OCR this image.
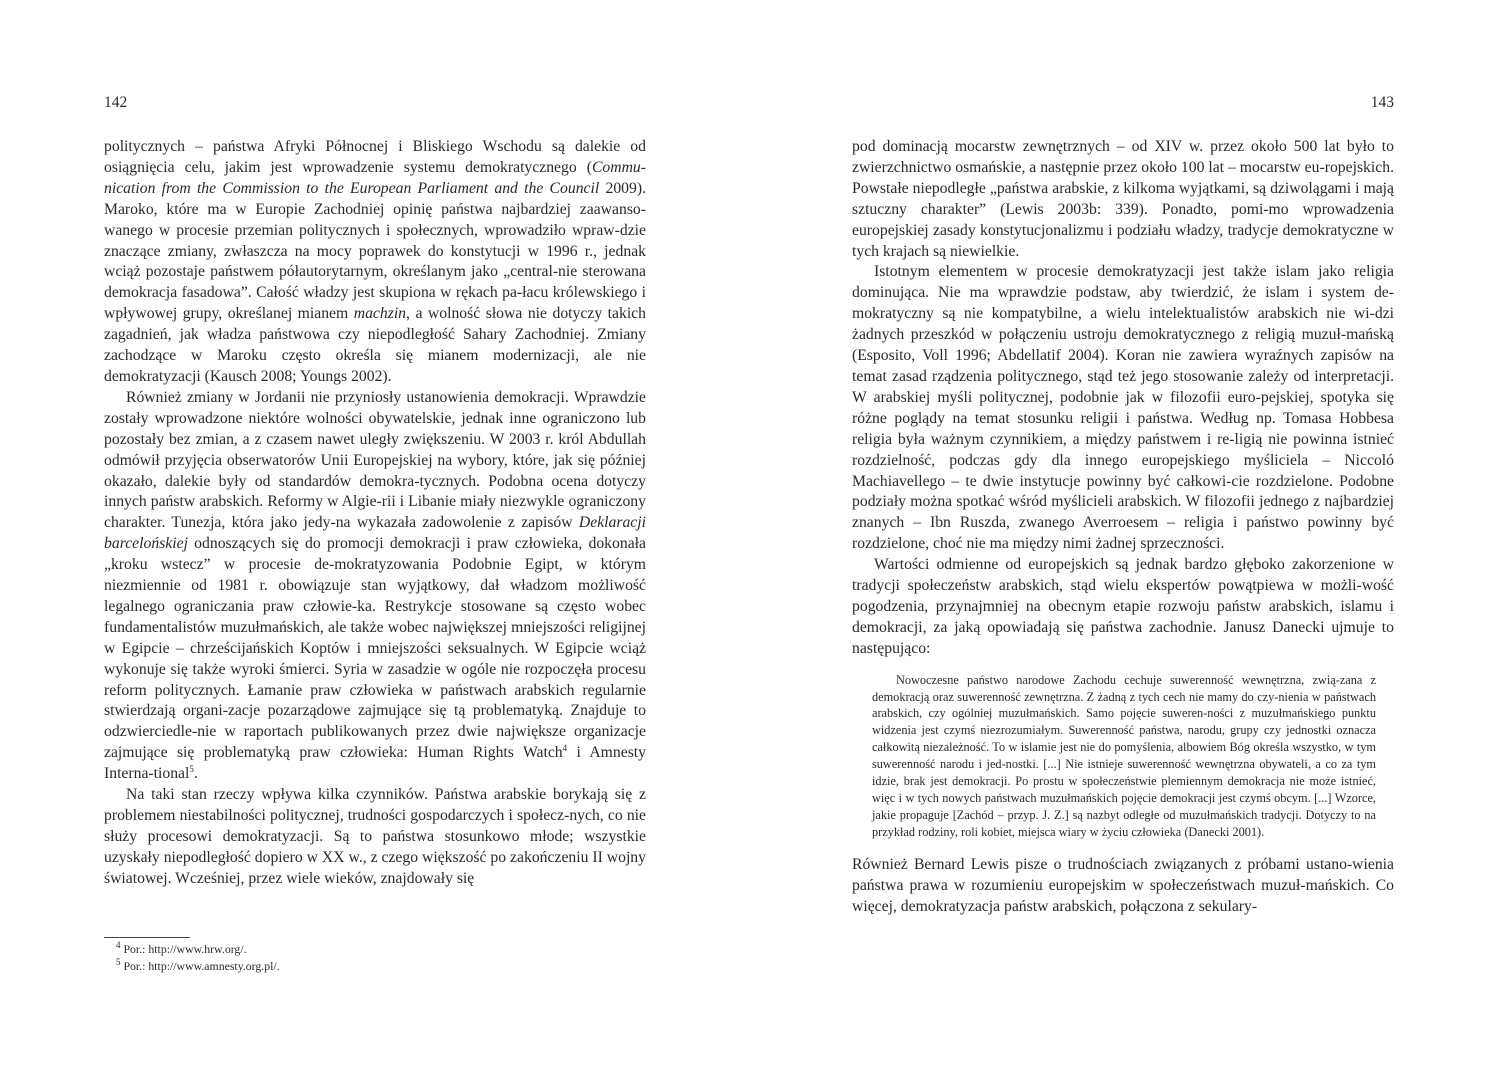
142

politycznych – państwa Afryki Północnej i Bliskiego Wschodu są dalekie od osiągnięcia celu, jakim jest wprowadzenie systemu demokratycznego (Commu-nication from the Commission to the European Parliament and the Council 2009). Maroko, które ma w Europie Zachodniej opinię państwa najbardziej zaawanso-wanego w procesie przemian politycznych i społecznych, wprowadziło wpraw-dzie znaczące zmiany, zwłaszcza na mocy poprawek do konstytucji w 1996 r., jednak wciąż pozostaje państwem półautorytarnym, określanym jako „central-nie sterowana demokracja fasadowa”. Całość władzy jest skupiona w rękach pa-łacu królewskiego i wpływowej grupy, określanej mianem machzin, a wolność słowa nie dotyczy takich zagadnień, jak władza państwowa czy niepodległość Sahary Zachodniej. Zmiany zachodzące w Maroku często określa się mianem modernizacji, ale nie demokratyzacji (Kausch 2008; Youngs 2002).

Również zmiany w Jordanii nie przyniosły ustanowienia demokracji. Wprawdzie zostały wprowadzone niektóre wolności obywatelskie, jednak inne ograniczono lub pozostały bez zmian, a z czasem nawet uległy zwiększeniu. W 2003 r. król Abdullah odmówił przyjęcia obserwatorów Unii Europejskiej na wybory, które, jak się później okazało, dalekie były od standardów demokra-tycznych. Podobna ocena dotyczy innych państw arabskich. Reformy w Algie-rii i Libanie miały niezwykle ograniczony charakter. Tunezja, która jako jedy-na wykazała zadowolenie z zapisów Deklaracji barcelońskiej odnoszących się do promocji demokracji i praw człowieka, dokonała „kroku wstecz” w procesie de-mokratyzowania Podobnie Egipt, w którym niezmiennie od 1981 r. obowiązuje stan wyjątkowy, dał władzom możliwość legalnego ograniczania praw człowie-ka. Restrykcje stosowane są często wobec fundamentalistów muzułmańskich, ale także wobec największej mniejszości religijnej w Egipcie – chrześcijańskich Koptów i mniejszości seksualnych. W Egipcie wciąż wykonuje się także wyroki śmierci. Syria w zasadzie w ogóle nie rozpoczęła procesu reform politycznych. Łamanie praw człowieka w państwach arabskich regularnie stwierdzają organi-zacje pozarządowe zajmujące się tą problematyką. Znajduje to odzwierciedle-nie w raportach publikowanych przez dwie największe organizacje zajmujące się problematyką praw człowieka: Human Rights Watch$^4$ i Amnesty Interna-tional$^5$.

Na taki stan rzeczy wpływa kilka czynników. Państwa arabskie borykają się z problemem niestabilności politycznej, trudności gospodarczych i społecz-nych, co nie służy procesowi demokratyzacji. Są to państwa stosunkowo młode; wszystkie uzyskały niepodległość dopiero w XX w., z czego większość po zakończeniu II wojny światowej. Wcześniej, przez wiele wieków, znajdowały się

$^4$ Por.: http://www.hrw.org/.

$^5$ Por.: http://www.amnesty.org.pl/.

143

pod dominacją mocarstw zewnętrznych – od XIV w. przez około 500 lat było to zwierzchnictwo osmańskie, a następnie przez około 100 lat – mocarstw eu-ropejskich. Powstałe niepodległe „państwa arabskie, z kilkoma wyjątkami, są dziwolągami i mają sztuczny charakter” (Lewis 2003b: 339). Ponadto, pomi-mo wprowadzenia europejskiej zasady konstytucjonalizmu i podziału władzy, tradycje demokratyczne w tych krajach są niewielkie.

Istotnym elementem w procesie demokratyzacji jest także islam jako religia dominująca. Nie ma wprawdzie podstaw, aby twierdzić, że islam i system de-mokratyczny są nie kompatybilne, a wielu intelektualistów arabskich nie wi-dzi żadnych przeszkód w połączeniu ustroju demokratycznego z religią muzuł-mańską (Esposito, Voll 1996; Abdellatif 2004). Koran nie zawiera wyraźnych zapisów na temat zasad rządzenia politycznego, stąd też jego stosowanie zależy od interpretacji. W arabskiej myśli politycznej, podobnie jak w filozofii euro-pejskiej, spotyka się różne poglądy na temat stosunku religii i państwa. Według np. Tomasa Hobbesa religia była ważnym czynnikiem, a między państwem i re-ligią nie powinna istnieć rozdzielność, podczas gdy dla innego europejskiego myśliciela – Niccoló Machiavellego – te dwie instytucje powinny być całkowi-cie rozdzielone. Podobne podziały można spotkać wśród myślicieli arabskich. W filozofii jednego z najbardziej znanych – Ibn Ruszda, zwanego Averroesem – religia i państwo powinny być rozdzielone, choć nie ma między nimi żadnej sprzeczności.

Wartości odmienne od europejskich są jednak bardzo głęboko zakorzenione w tradycji społeczeństw arabskich, stąd wielu ekspertów powątpiewa w możli-wość pogodzenia, przynajmniej na obecnym etapie rozwoju państw arabskich, islamu i demokracji, za jaką opowiadają się państwa zachodnie. Janusz Danecki ujmuje to następująco:

Nowoczesne państwo narodowe Zachodu cechuje suwerenność wewnętrzna, zwią-zana z demokracją oraz suwerenność zewnętrzna. Z żadną z tych cech nie mamy do czy-nienia w państwach arabskich, czy ogólniej muzułmańskich. Samo pojęcie suweren-ności z muzułmańskiego punktu widzenia jest czymś niezrozumiałym. Suwerenność państwa, narodu, grupy czy jednostki oznacza całkowitą niezależność. To w islamie jest nie do pomyślenia, albowiem Bóg określa wszystko, w tym suwerenność narodu i jed-nostki. [...] Nie istnieje suwerenność wewnętrzna obywateli, a co za tym idzie, brak jest demokracji. Po prostu w społeczeństwie plemiennym demokracja nie może istnieć, więc i w tych nowych państwach muzułmańskich pojęcie demokracji jest czymś obcym. [...] Wzorce, jakie propaguje [Zachód – przyp. J. Z.] są nazbyt odległe od muzułmańskich tradycji. Dotyczy to na przykład rodziny, roli kobiet, miejsca wiary w życiu człowieka (Danecki 2001).

Również Bernard Lewis pisze o trudnościach związanych z próbami ustano-wienia państwa prawa w rozumieniu europejskim w społeczeństwach muzuł-mańskich. Co więcej, demokratyzacja państw arabskich, połączona z sekulary-
